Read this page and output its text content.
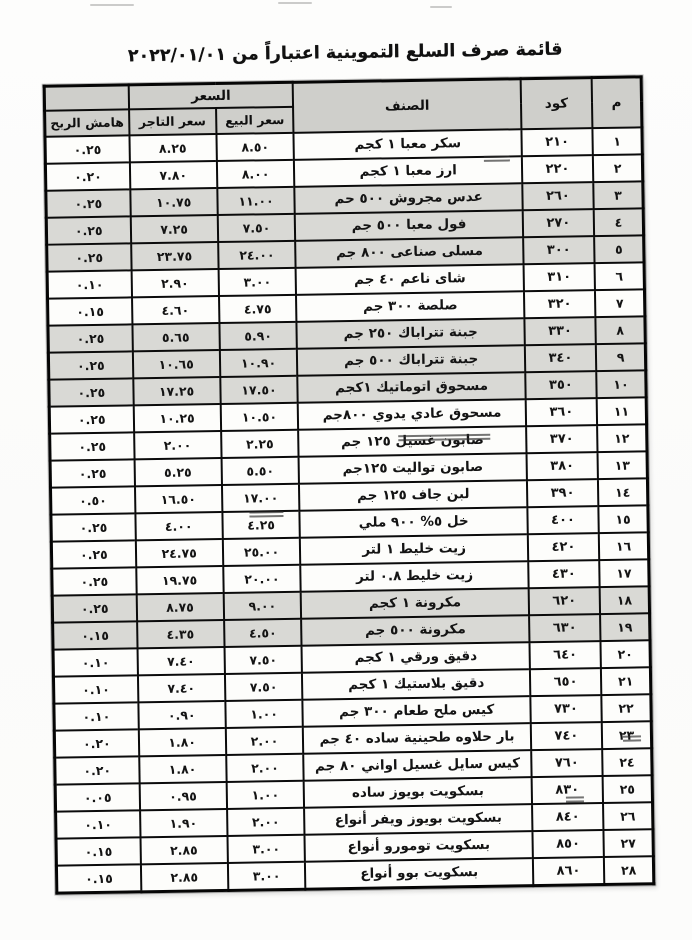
قائمة صرف السلع التموينية اعتباراً من ٢٠٢٢/٠١/٠١
م	كود	الصنف	السعر		
			سعر البيع	سعر التاجر	هامش الربح
١	٢١٠	سكر معبا ١ كجم	٨.٥٠	٨.٢٥	٠.٢٥
٢	٢٢٠	ارز معبا ١ كجم	٨.٠٠	٧.٨٠	٠.٢٠
٣	٢٦٠	عدس مجروش ٥٠٠ حم	١١.٠٠	١٠.٧٥	٠.٢٥
٤	٢٧٠	فول معبا ٥٠٠ جم	٧.٥٠	٧.٢٥	٠.٢٥
٥	٣٠٠	مسلى صناعى ٨٠٠ جم	٢٤.٠٠	٢٣.٧٥	٠.٢٥
٦	٣١٠	شاى ناعم ٤٠ جم	٣.٠٠	٢.٩٠	٠.١٠
٧	٣٢٠	صلصة ٣٠٠ جم	٤.٧٥	٤.٦٠	٠.١٥
٨	٣٣٠	جبنة تتراباك ٢٥٠ جم	٥.٩٠	٥.٦٥	٠.٢٥
٩	٣٤٠	جبنة تتراباك ٥٠٠ جم	١٠.٩٠	١٠.٦٥	٠.٢٥
١٠	٣٥٠	مسحوق اتوماتيك ١كجم	١٧.٥٠	١٧.٢٥	٠.٢٥
١١	٣٦٠	مسحوق عادي يدوي ٨٠٠جم	١٠.٥٠	١٠.٢٥	٠.٢٥
١٢	٣٧٠	صابون غسيل ١٢٥ جم	٢.٢٥	٢.٠٠	٠.٢٥
١٣	٣٨٠	صابون تواليت ١٢٥جم	٥.٥٠	٥.٢٥	٠.٢٥
١٤	٣٩٠	لبن جاف ١٢٥ جم	١٧.٠٠	١٦.٥٠	٠.٥٠
١٥	٤٠٠	خل ٥% ٩٠٠ ملي	٤.٢٥	٤.٠٠	٠.٢٥
١٦	٤٢٠	زيت خليط ١ لتر	٢٥.٠٠	٢٤.٧٥	٠.٢٥
١٧	٤٣٠	زيت خليط ٠.٨ لتر	٢٠.٠٠	١٩.٧٥	٠.٢٥
١٨	٦٢٠	مكرونة ١ كجم	٩.٠٠	٨.٧٥	٠.٢٥
١٩	٦٣٠	مكرونة ٥٠٠ جم	٤.٥٠	٤.٣٥	٠.١٥
٢٠	٦٤٠	دقيق ورقي ١ كجم	٧.٥٠	٧.٤٠	٠.١٠
٢١	٦٥٠	دقيق بلاستيك ١ كجم	٧.٥٠	٧.٤٠	٠.١٠
٢٢	٧٣٠	كيس ملح طعام ٣٠٠ جم	١.٠٠	٠.٩٠	٠.١٠
٢٣	٧٤٠	بار حلاوه طحينية ساده ٤٠ جم	٢.٠٠	١.٨٠	٠.٢٠
٢٤	٧٦٠	كيس سايل غسيل اواني ٨٠ جم	٢.٠٠	١.٨٠	٠.٢٠
٢٥	٨٣٠	بسكويت بويوز ساده	١.٠٠	٠.٩٥	٠.٠٥
٢٦	٨٤٠	بسكويت بويوز ويفر أنواع	٢.٠٠	١.٩٠	٠.١٠
٢٧	٨٥٠	بسكويت تومورو أنواع	٣.٠٠	٢.٨٥	٠.١٥
٢٨	٨٦٠	بسكويت بوو أنواع	٣.٠٠	٢.٨٥	٠.١٥
